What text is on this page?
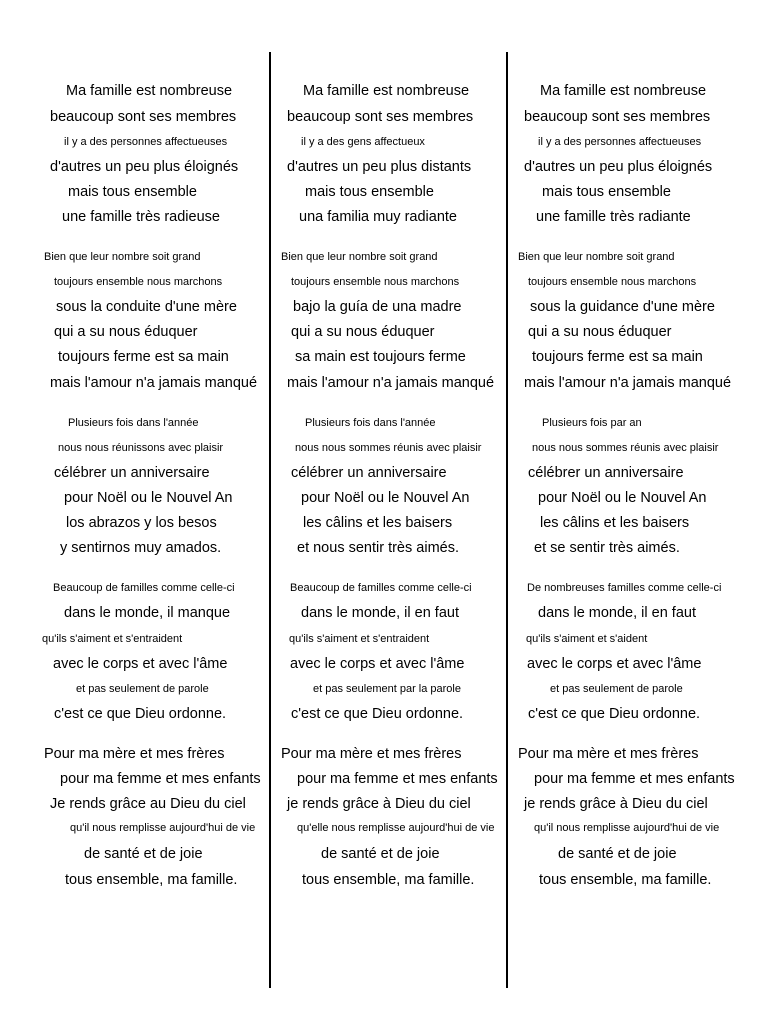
Ma famille est nombreuse
beaucoup sont ses membres
il y a des personnes affectueuses
d'autres un peu plus éloignés
mais tous ensemble
une famille très radieuse
Bien que leur nombre soit grand
toujours ensemble nous marchons
sous la conduite d'une mère
qui a su nous éduquer
toujours ferme est sa main
mais l'amour n'a jamais manqué
Plusieurs fois dans l'année
nous nous réunissons avec plaisir
célébrer un anniversaire
pour Noël ou le Nouvel An
los abrazos y los besos
y sentirnos muy amados.
Beaucoup de familles comme celle-ci
dans le monde, il manque
qu'ils s'aiment et s'entraident
avec le corps et avec l'âme
et pas seulement de parole
c'est ce que Dieu ordonne.
Pour ma mère et mes frères
pour ma femme et mes enfants
Je rends grâce au Dieu du ciel
qu'il nous remplisse aujourd'hui de vie
de santé et de joie
tous ensemble, ma famille.
Ma famille est nombreuse
beaucoup sont ses membres
il y a des gens affectueux
d'autres un peu plus distants
mais tous ensemble
una familia muy radiante
Bien que leur nombre soit grand
toujours ensemble nous marchons
bajo la guía de una madre
qui a su nous éduquer
sa main est toujours ferme
mais l'amour n'a jamais manqué
Plusieurs fois dans l'année
nous nous sommes réunis avec plaisir
célébrer un anniversaire
pour Noël ou le Nouvel An
les câlins et les baisers
et nous sentir très aimés.
Beaucoup de familles comme celle-ci
dans le monde, il en faut
qu'ils s'aiment et s'entraident
avec le corps et avec l'âme
et pas seulement par la parole
c'est ce que Dieu ordonne.
Pour ma mère et mes frères
pour ma femme et mes enfants
je rends grâce à Dieu du ciel
qu'elle nous remplisse aujourd'hui de vie
de santé et de joie
tous ensemble, ma famille.
Ma famille est nombreuse
beaucoup sont ses membres
il y a des personnes affectueuses
d'autres un peu plus éloignés
mais tous ensemble
une famille très radiante
Bien que leur nombre soit grand
toujours ensemble nous marchons
sous la guidance d'une mère
qui a su nous éduquer
toujours ferme est sa main
mais l'amour n'a jamais manqué
Plusieurs fois par an
nous nous sommes réunis avec plaisir
célébrer un anniversaire
pour Noël ou le Nouvel An
les câlins et les baisers
et se sentir très aimés.
De nombreuses familles comme celle-ci
dans le monde, il en faut
qu'ils s'aiment et s'aident
avec le corps et avec l'âme
et pas seulement de parole
c'est ce que Dieu ordonne.
Pour ma mère et mes frères
pour ma femme et mes enfants
je rends grâce à Dieu du ciel
qu'il nous remplisse aujourd'hui de vie
de santé et de joie
tous ensemble, ma famille.
